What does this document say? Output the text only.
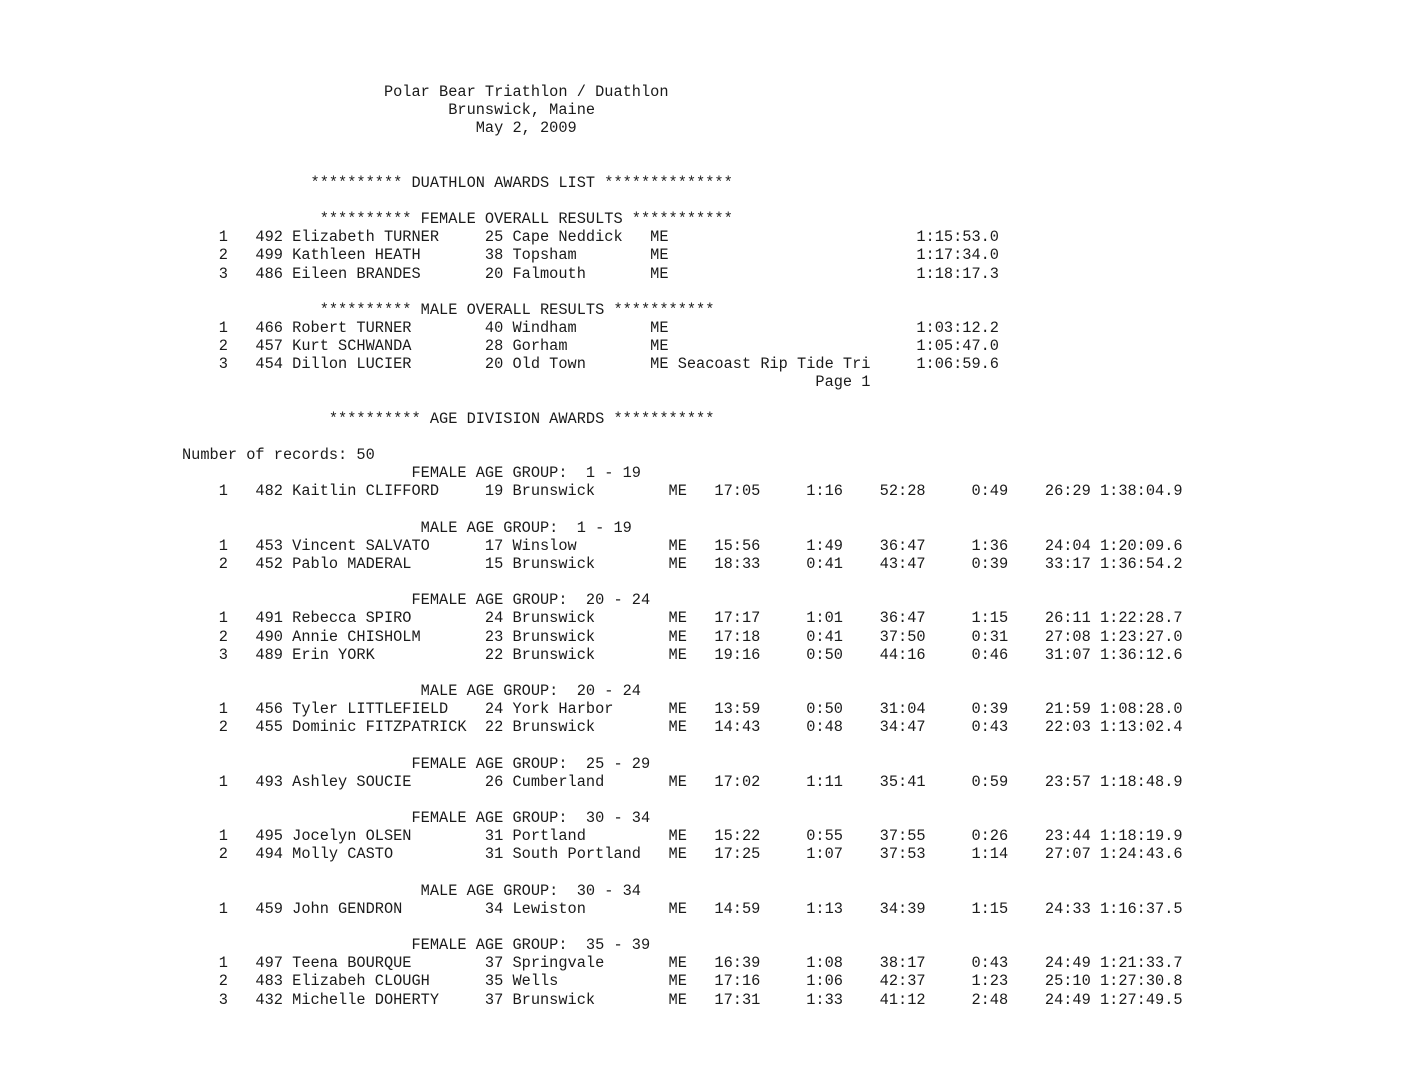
Polar Bear Triathlon / Duathlon
Brunswick, Maine
May 2, 2009
********** DUATHLON AWARDS LIST **************
********** FEMALE OVERALL RESULTS ***********
1   492 Elizabeth TURNER     25 Cape Neddick   ME                           1:15:53.0
2   499 Kathleen HEATH       38 Topsham        ME                           1:17:34.0
3   486 Eileen BRANDES       20 Falmouth       ME                           1:18:17.3
********** MALE OVERALL RESULTS ***********
1   466 Robert TURNER        40 Windham        ME                           1:03:12.2
2   457 Kurt SCHWANDA        28 Gorham         ME                           1:05:47.0
3   454 Dillon LUCIER        20 Old Town       ME Seacoast Rip Tide Tri     1:06:59.6
Page 1
********** AGE DIVISION AWARDS ***********
Number of records: 50
FEMALE AGE GROUP:  1 - 19
1   482 Kaitlin CLIFFORD     19 Brunswick        ME   17:05     1:16    52:28     0:49    26:29 1:38:04.9
MALE AGE GROUP:  1 - 19
1   453 Vincent SALVATO      17 Winslow          ME   15:56     1:49    36:47     1:36    24:04 1:20:09.6
2   452 Pablo MADERAL        15 Brunswick        ME   18:33     0:41    43:47     0:39    33:17 1:36:54.2
FEMALE AGE GROUP:  20 - 24
1   491 Rebecca SPIRO        24 Brunswick        ME   17:17     1:01    36:47     1:15    26:11 1:22:28.7
2   490 Annie CHISHOLM       23 Brunswick        ME   17:18     0:41    37:50     0:31    27:08 1:23:27.0
3   489 Erin YORK            22 Brunswick        ME   19:16     0:50    44:16     0:46    31:07 1:36:12.6
MALE AGE GROUP:  20 - 24
1   456 Tyler LITTLEFIELD    24 York Harbor      ME   13:59     0:50    31:04     0:39    21:59 1:08:28.0
2   455 Dominic FITZPATRICK  22 Brunswick        ME   14:43     0:48    34:47     0:43    22:03 1:13:02.4
FEMALE AGE GROUP:  25 - 29
1   493 Ashley SOUCIE        26 Cumberland       ME   17:02     1:11    35:41     0:59    23:57 1:18:48.9
FEMALE AGE GROUP:  30 - 34
1   495 Jocelyn OLSEN        31 Portland         ME   15:22     0:55    37:55     0:26    23:44 1:18:19.9
2   494 Molly CASTO          31 South Portland   ME   17:25     1:07    37:53     1:14    27:07 1:24:43.6
MALE AGE GROUP:  30 - 34
1   459 John GENDRON         34 Lewiston         ME   14:59     1:13    34:39     1:15    24:33 1:16:37.5
FEMALE AGE GROUP:  35 - 39
1   497 Teena BOURQUE        37 Springvale       ME   16:39     1:08    38:17     0:43    24:49 1:21:33.7
2   483 Elizabeh CLOUGH      35 Wells            ME   17:16     1:06    42:37     1:23    25:10 1:27:30.8
3   432 Michelle DOHERTY     37 Brunswick        ME   17:31     1:33    41:12     2:48    24:49 1:27:49.5
